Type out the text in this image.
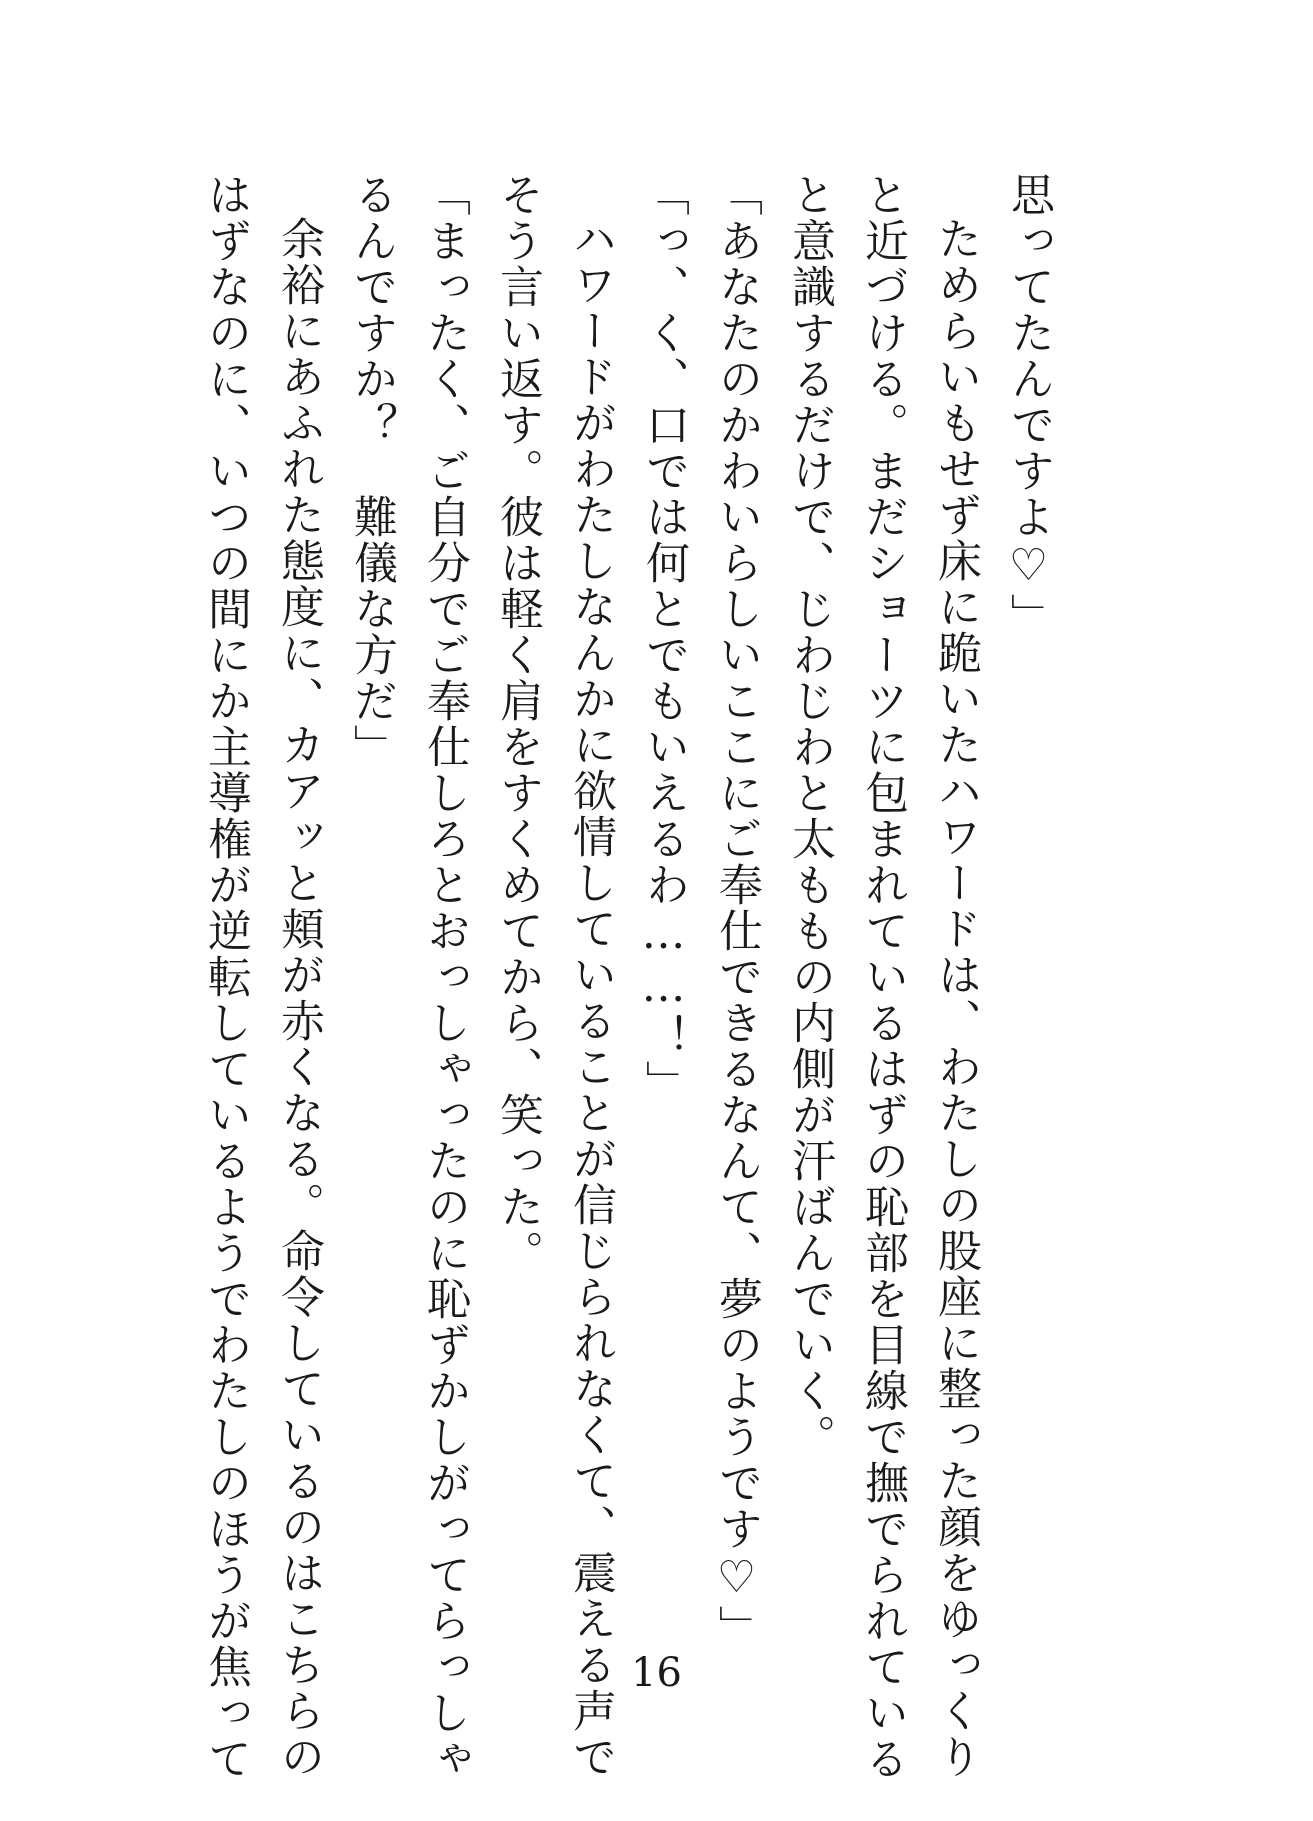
思ってたんですよ♡」
ためらいもせず床に跪いたハワードは、わたしの股座に整った顔をゆっくり
と近づける。まだショーツに包まれているはずの恥部を目線で撫でられている
と意識するだけで、じわじわと太ももの内側が汗ばんでいく。
「あなたのかわいらしいここにご奉仕できるなんて、夢のようです♡」
「っ、く、口では何とでもいえるわ……！」
ハワードがわたしなんかに欲情していることが信じられなくて、震える声で
そう言い返す。彼は軽く肩をすくめてから、笑った。
「まったく、ご自分でご奉仕しろとおっしゃったのに恥ずかしがってらっしゃ
るんですか？　難儀な方だ」
余裕にあふれた態度に、カアッと頬が赤くなる。命令しているのはこちらの
はずなのに、いつの間にか主導権が逆転しているようでわたしのほうが焦って	16
